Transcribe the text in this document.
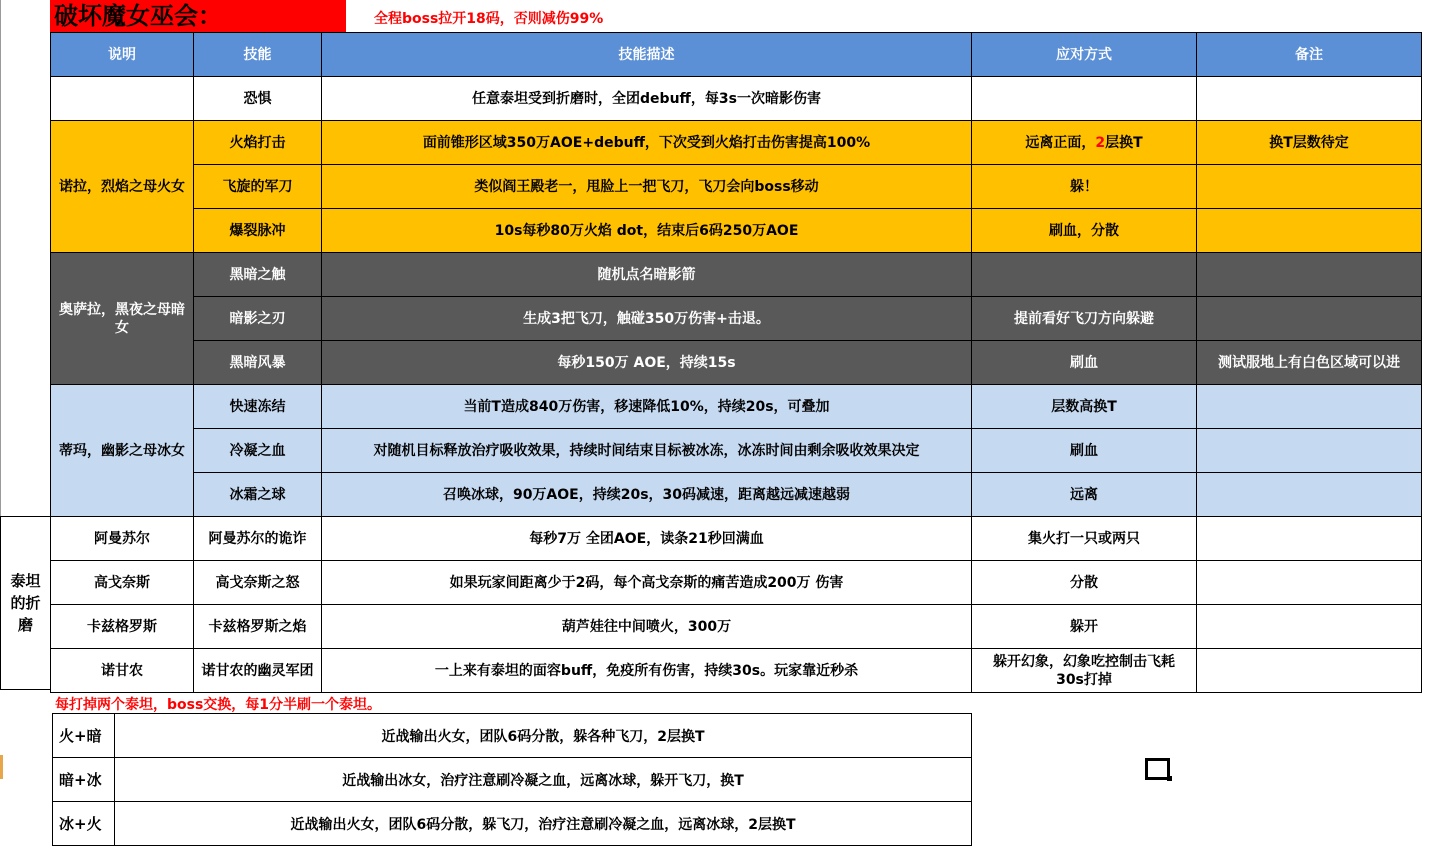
破坏魔女巫会：	全程boss拉开18码，否则减伤99%
说明	技能	技能描述	应对方式	备注
	恐惧	任意泰坦受到折磨时，全团debuff，每3s一次暗影伤害		
诺拉，烈焰之母火女	火焰打击	面前锥形区域350万AOE+debuff，下次受到火焰打击伤害提高100%	远离正面，2层换T	换T层数待定
	飞旋的军刀	类似阎王殿老一，甩脸上一把飞刀，飞刀会向boss移动	躲！	
	爆裂脉冲	10s每秒80万火焰 dot，结束后6码250万AOE	刷血，分散	
奥萨拉，黑夜之母暗女	黑暗之触	随机点名暗影箭		
	暗影之刃	生成3把飞刀，触碰350万伤害+击退。	提前看好飞刀方向躲避	
	黑暗风暴	每秒150万 AOE，持续15s	刷血	测试服地上有白色区域可以进
蒂玛，幽影之母冰女	快速冻结	当前T造成840万伤害，移速降低10%，持续20s，可叠加	层数高换T	
	冷凝之血	对随机目标释放治疗吸收效果，持续时间结束目标被冰冻，冰冻时间由剩余吸收效果决定	刷血	
	冰霜之球	召唤冰球，90万AOE，持续20s，30码减速，距离越远减速越弱	远离	
阿曼苏尔	阿曼苏尔的诡诈	每秒7万 全团AOE，读条21秒回满血	集火打一只或两只	
高戈奈斯	高戈奈斯之怒	如果玩家间距离少于2码，每个高戈奈斯的痛苦造成200万 伤害	分散	
卡兹格罗斯	卡兹格罗斯之焰	葫芦娃往中间喷火，300万	躲开	
诺甘农	诺甘农的幽灵军团	一上来有泰坦的面容buff，免疫所有伤害，持续30s。玩家靠近秒杀	躲开幻象，幻象吃控制击飞耗30s打掉	
泰坦的折磨
每打掉两个泰坦，boss交换，每1分半刷一个泰坦。
火+暗	近战输出火女，团队6码分散，躲各种飞刀，2层换T
暗+冰	近战输出冰女，治疗注意刷冷凝之血，远离冰球，躲开飞刀，换T
冰+火	近战输出火女，团队6码分散，躲飞刀，治疗注意刷冷凝之血，远离冰球，2层换T
